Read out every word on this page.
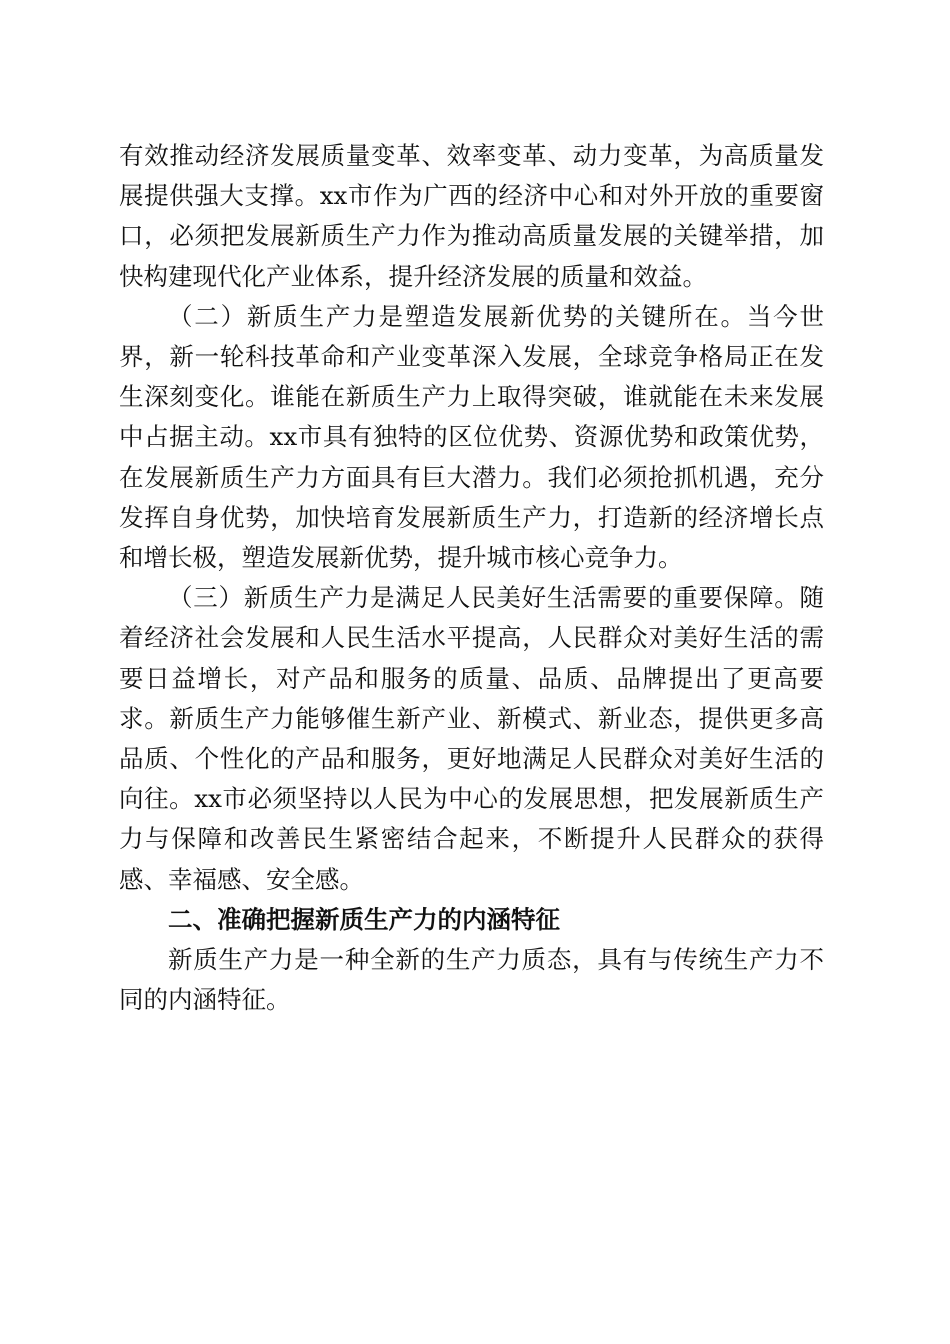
有效推动经济发展质量变革、效率变革、动力变革，为高质量发展提供强大支撑。xx市作为广西的经济中心和对外开放的重要窗口，必须把发展新质生产力作为推动高质量发展的关键举措，加快构建现代化产业体系，提升经济发展的质量和效益。

（二）新质生产力是塑造发展新优势的关键所在。当今世界，新一轮科技革命和产业变革深入发展，全球竞争格局正在发生深刻变化。谁能在新质生产力上取得突破，谁就能在未来发展中占据主动。xx市具有独特的区位优势、资源优势和政策优势，在发展新质生产力方面具有巨大潜力。我们必须抢抓机遇，充分发挥自身优势，加快培育发展新质生产力，打造新的经济增长点和增长极，塑造发展新优势，提升城市核心竞争力。

（三）新质生产力是满足人民美好生活需要的重要保障。随着经济社会发展和人民生活水平提高，人民群众对美好生活的需要日益增长，对产品和服务的质量、品质、品牌提出了更高要求。新质生产力能够催生新产业、新模式、新业态，提供更多高品质、个性化的产品和服务，更好地满足人民群众对美好生活的向往。xx市必须坚持以人民为中心的发展思想，把发展新质生产力与保障和改善民生紧密结合起来，不断提升人民群众的获得感、幸福感、安全感。

二、准确把握新质生产力的内涵特征

新质生产力是一种全新的生产力质态，具有与传统生产力不同的内涵特征。
